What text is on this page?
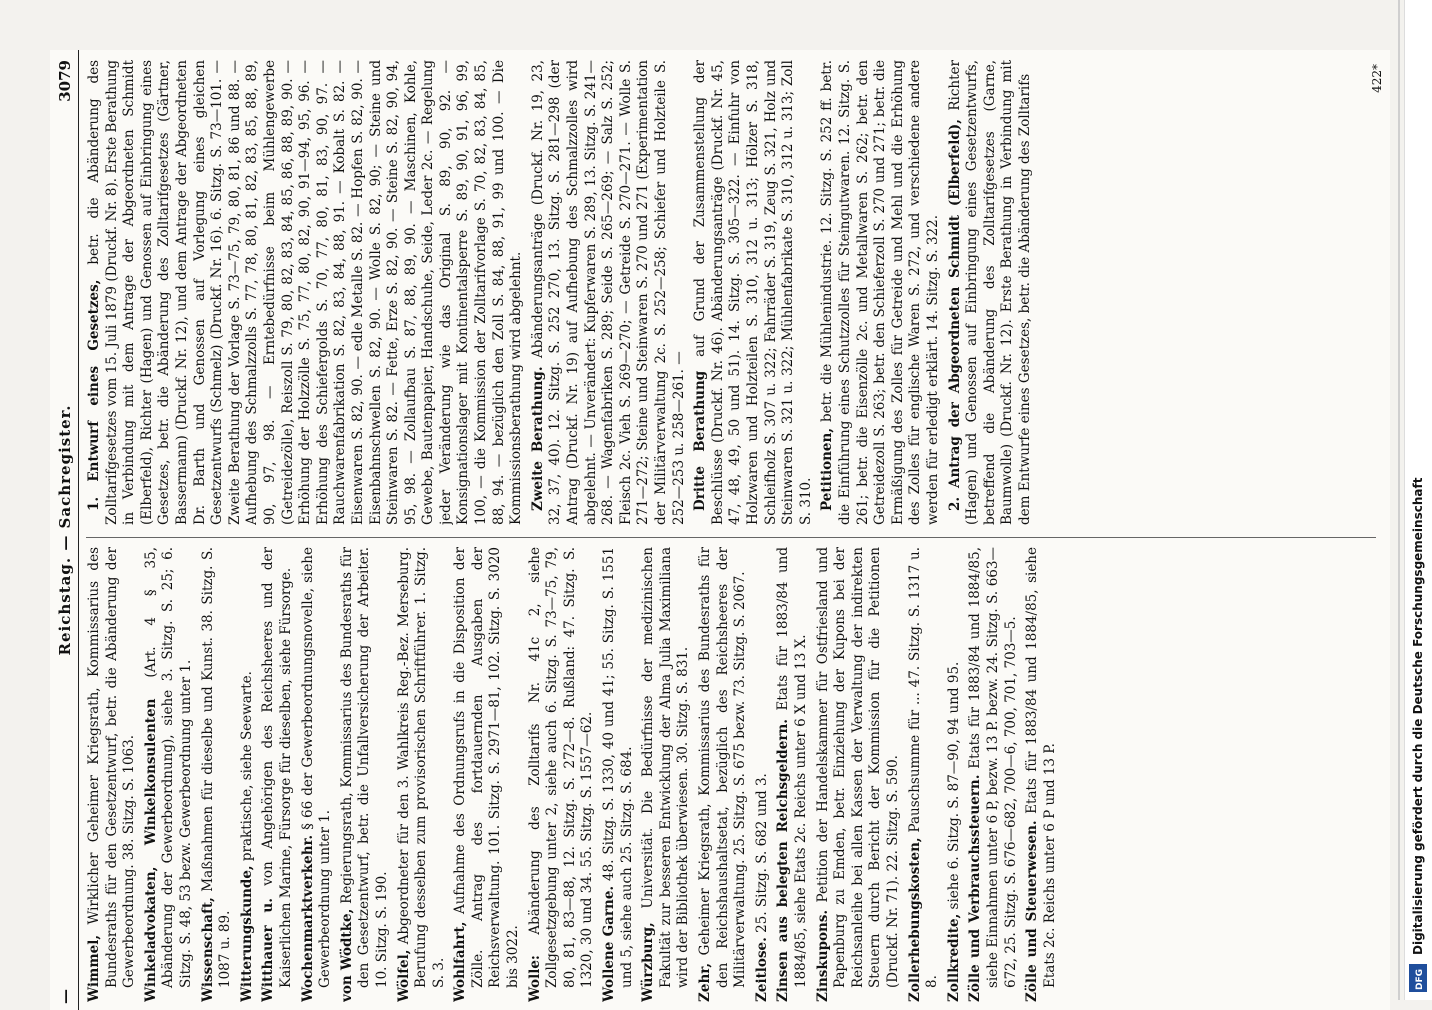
—
Reichstag. — Sachregister.
3079
Wimmel, Wirklicher Geheimer Kriegsrath, Kommissarius des Bundesraths für den Gesetzentwurf, betr. die Abänderung der Gewerbeordnung. 38. Sitzg. S. 1063. Winkeladvokaten, Winkelkonsulenten (Art. 4 § 35, Abänderung der Gewerbeordnung), siehe 3. Sitzg. S. 25; 6. Sitzg. S. 48, 53 bezw. Gewerbeordnung unter 1. Wissenschaft, Maßnahmen für dieselbe und Kunst. 38. Sitzg. S. 1087 u. 89. Witterungskunde, praktische, siehe Seewarte.
Witthauer u. von Angehörigen des Reichsheeres und der Kaiserlichen Marine, Fürsorge für dieselben, siehe Fürsorge. Wochenmarktverkehr. § 66 der Gewerbeordnungsnovelle, siehe Gewerbeordnung unter 1. von Wödtke, Regierungsrath, Kommissarius des Bundesraths für den Gesetzentwurf, betr. die Unfallversicherung der Arbeiter. 10. Sitzg. S. 190. Wölfel, Abgeordneter für den 3. Wahlkreis Reg.-Bez. Merseburg. Berufung desselben zum provisorischen Schriftführer. 1. Sitzg. S. 3. Wohlfahrt, Aufnahme des Ordnungsrufs in die Disposition der Zölle. Antrag des fortdauernden Ausgaben der Reichsverwaltung. 101. Sitzg. S. 2971—81, 102. Sitzg. S. 3020 bis 3022. Wolle: Abänderung des Zolltarifs Nr. 41c 2, siehe Zollgesetzgebung unter 2, siehe auch 6. Sitzg. S. 73—75, 79, 80, 81, 83—88, 12. Sitzg. S. 272—8. Rußland: 47. Sitzg. S. 1320, 30 und 34. 55. Sitzg. S. 1557—62. Wollene Garne. 48. Sitzg. S. 1330, 40 und 41; 55. Sitzg. S. 1551 und 5, siehe auch 25. Sitzg. S. 684. Würzburg, Universität. Die Bedürfnisse der medizinischen Fakultät zur besseren Entwicklung der Alma Julia Maximiliana wird der Bibliothek überwiesen. 30. Sitzg. S. 831. Zehr, Geheimer Kriegsrath, Kommissarius des Bundesraths für den Reichshaushaltsetat, bezüglich des Reichsheeres der Militärverwaltung. 25. Sitzg. S. 675 bezw. 73. Sitzg. S. 2067. Zeitlose. 25. Sitzg. S. 682 und 3. Zinsen aus belegten Reichsgeldern. Etats für 1883/84 und 1884/85, siehe Etats 2c. Reichs unter 6 X und 13 X. Zinskupons. Petition der Handelskammer für Ostfriesland und Papenburg zu Emden, betr. Einziehung der Kupons bei der Reichsanleihe bei allen Kassen der Verwaltung der indirekten Steuern durch Bericht der Kommission für die Petitionen (Druckf. Nr. 71). 22. Sitzg. S. 590. Zollerhebungskosten, Pauschsumme für ... 47. Sitzg. S. 1317 u. 8. Zollkredite, siehe 6. Sitzg. S. 87—90, 94 und 95. Zölle und Verbrauchssteuern. Etats für 1883/84 und 1884/85, siehe Einnahmen unter 6 P, bezw. 13 P. bezw. 24. Sitzg. S. 663—672, 25. Sitzg. S. 676—682, 700—6, 700, 701, 703—5. Zölle und Steuerwesen. Etats für 1883/84 und 1884/85, siehe Etats 2c. Reichs unter 6 P und 13 P.
1. Entwurf eines Gesetzes, betr. die Abänderung des Zolltarifgesetzes vom 15. Juli 1879 (Druckf. Nr. 8). Erste Berathung in Verbindung mit dem Antrage der Abgeordneten Schmidt (Elberfeld), Richter (Hagen) und Genossen auf Einbringung eines Gesetzes, betr. die Abänderung des Zolltarifgesetzes (Gärtner, Bassermann) (Druckf. Nr. 12), und dem Antrage der Abgeordneten Dr. Barth und Genossen auf Vorlegung eines gleichen Gesetzentwurfs (Schmelz) (Druckf. Nr. 16). 6. Sitzg. S. 73—101. — Zweite Berathung der Vorlage S. 73—75, 79, 80, 81, 86 und 88. — Aufhebung des Schmalzzolls S. 77, 78, 80, 81, 82, 83, 85, 88, 89, 90, 97, 98. — Erntebedürfnisse beim Mühlengewerbe (Getreidezölle), Reiszoll S. 79, 80, 82, 83, 84, 85, 86, 88, 89, 90. — Erhöhung der Holzzölle S. 75, 77, 80, 82, 90, 91—94, 95, 96. — Erhöhung des Schiefergolds S. 70, 77, 80, 81, 83, 90, 97. — Rauchwarenfabrikation S. 82, 83, 84, 88, 91. — Kobalt S. 82. — Eisenwaren S. 82, 90. — edle Metalle S. 82. — Hopfen S. 82, 90. — Eisenbahnschwellen S. 82, 90. — Wolle S. 82, 90; — Steine und Steinwaren S. 82. — Fette, Erze S. 82, 90. — Steine S. 82, 90, 94, 95, 98. — Zollaufbau S. 87, 88, 89, 90. — Maschinen, Kohle, Gewebe, Bautenpapier, Handschuhe, Seide, Leder 2c. — Regelung jeder Veränderung wie das Original S. 89, 90, 92. — Konsignationslager mit Kontinentalsperre S. 89, 90, 91, 96, 99, 100, — die Kommission der Zolltarifvorlage S. 70, 82, 83, 84, 85, 88, 94. — bezüglich den Zoll S. 84, 88, 91, 99 und 100. — Die Kommissionsberathung wird abgelehnt. Zweite Berathung. Abänderungsanträge (Druckf. Nr. 19, 23, 32, 37, 40). 12. Sitzg. S. 252 270, 13. Sitzg. S. 281—298 (der Antrag (Druckf. Nr. 19) auf Aufhebung des Schmalzzolles wird abgelehnt. — Unverändert: Kupferwaren S. 289, 13. Sitzg. S. 241—268. — Wagenfabriken S. 289; Seide S. 265—269; — Salz S. 252; Fleisch 2c. Vieh S. 269—270; — Getreide S. 270—271. — Wolle S. 271—272; Steine und Steinwaren S. 270 und 271 (Experimentation der Militärverwaltung 2c. S. 252—258; Schiefer und Holzteile S. 252—253 u. 258—261. — Dritte Berathung auf Grund der Zusammenstellung der Beschlüsse (Druckf. Nr. 46). Abänderungsanträge (Druckf. Nr. 45, 47, 48, 49, 50 und 51). 14. Sitzg. S. 305—322. — Einfuhr von Holzwaren und Holzteilen S. 310, 312 u. 313; Hölzer S. 318, Schleifholz S. 307 u. 322; Fahrräder S. 319, Zeug S. 321, Holz und Steinwaren S. 321 u. 322; Mühlenfabrikate S. 310, 312 u. 313; Zoll S. 310. Petitionen, betr. die Mühlenindustrie. 12. Sitzg. S. 252 ff. betr. die Einführung eines Schutzzolles für Steingutwaren. 12. Sitzg. S. 261; betr. die Eisenzölle 2c. und Metallwaren S. 262; betr. den Getreidezoll S. 263; betr. den Schieferzoll S. 270 und 271; betr. die Ermäßigung des Zolles für Getreide und Mehl und die Erhöhung des Zolles für englische Waren S. 272, und verschiedene andere werden für erledigt erklärt. 14. Sitzg. S. 322. 2. Antrag der Abgeordneten Schmidt (Elberfeld), Richter (Hagen) und Genossen auf Einbringung eines Gesetzentwurfs, betreffend die Abänderung des Zolltarifgesetzes (Garne, Baumwolle) (Druckf. Nr. 12). Erste Berathung in Verbindung mit dem Entwurfe eines Gesetzes, betr. die Abänderung des Zolltarifs	422*
Digitalisierung gefördert durch die Deutsche Forschungsgemeinschaft
DFG
